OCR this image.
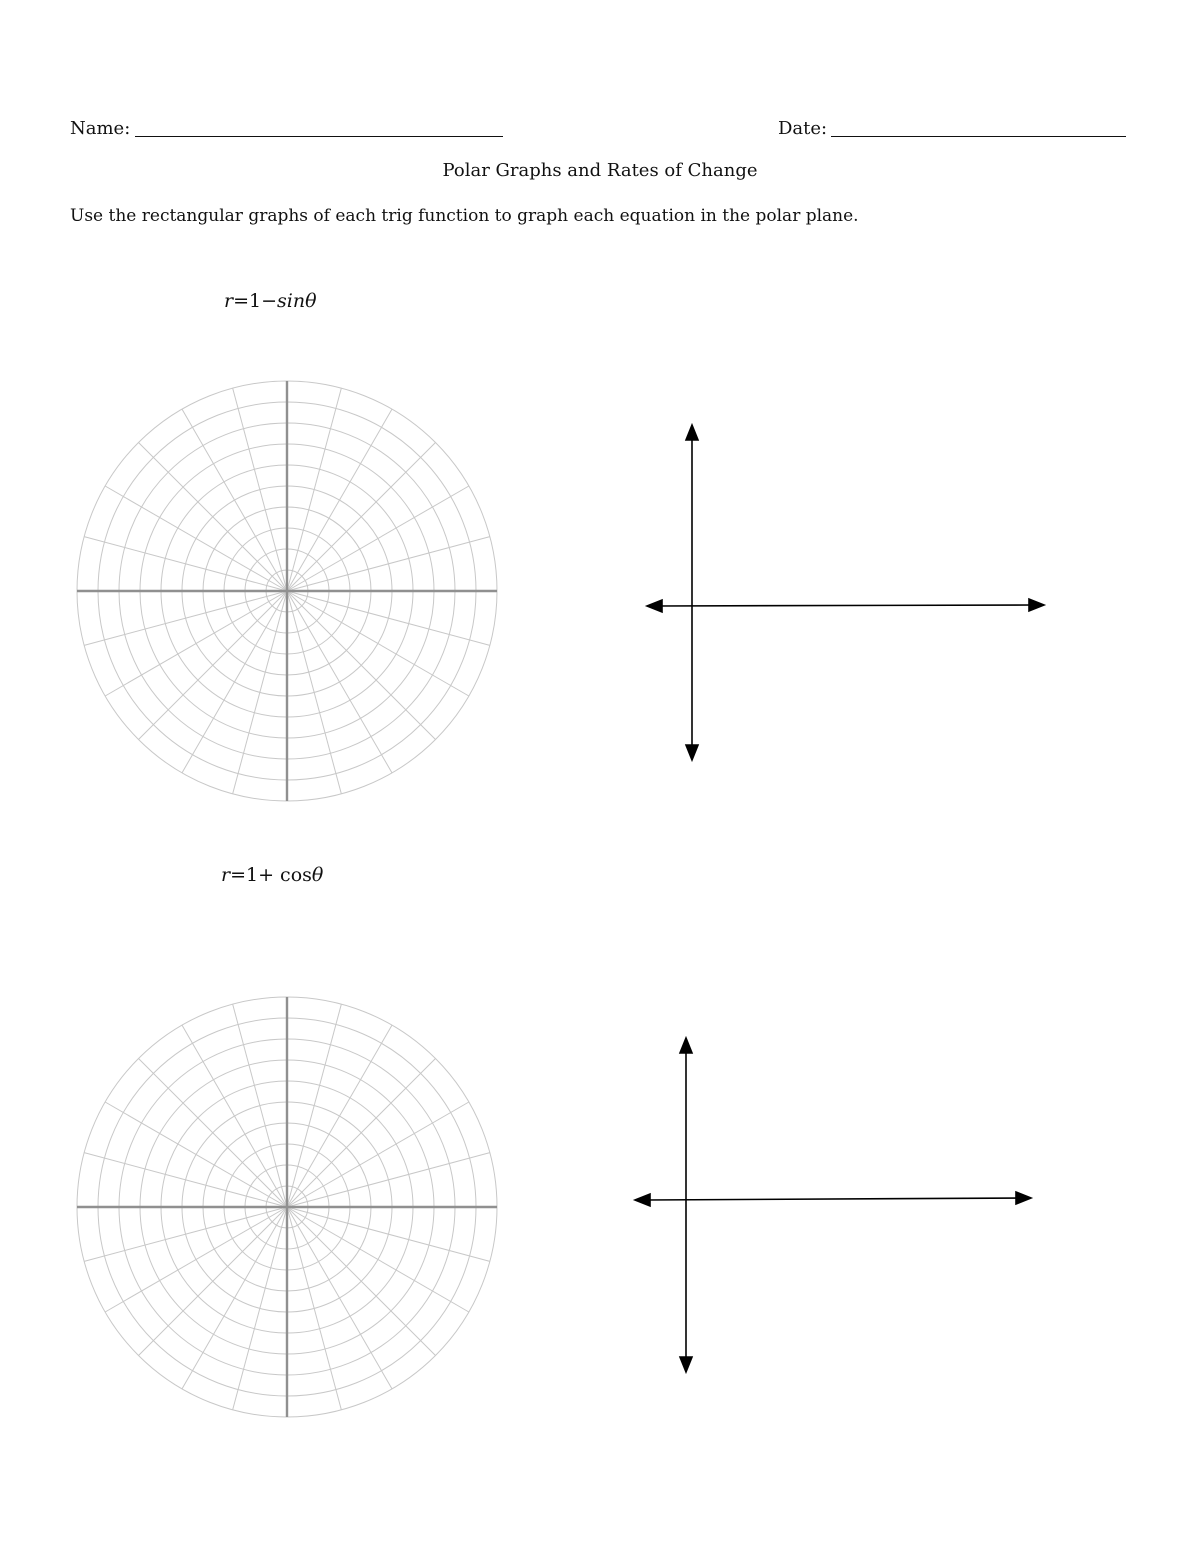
Name:	Date:
Polar Graphs and Rates of Change
Use the rectangular graphs of each trig function to graph each equation in the polar plane.
r=1−sinθ
r=1+ cosθ
